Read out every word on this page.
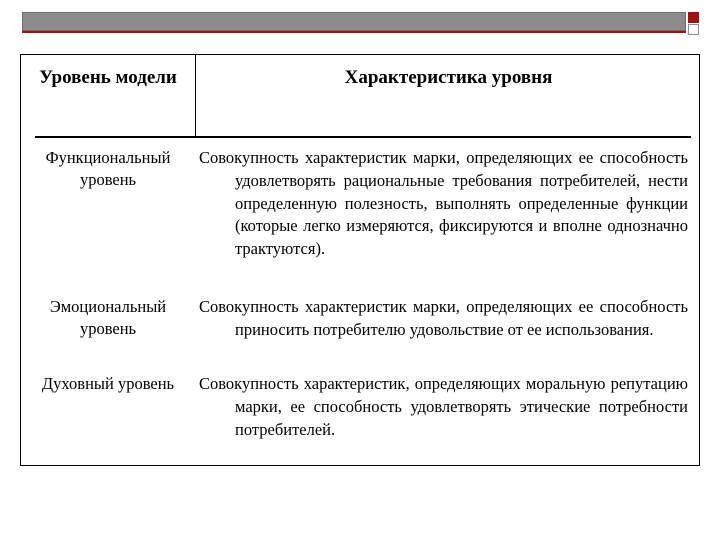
Уровень модели	Характеристика уровня
Функциональный уровень
Совокупность характеристик марки, определяющих ее способность удовлетворять рациональные требования потребителей, нести определенную полезность, выполнять определенные функции (которые легко измеряются, фиксируются и вполне однозначно трактуются).
Эмоциональный уровень
Совокупность характеристик марки, определяющих ее способность приносить потребителю удовольствие от ее использования.
Духовный уровень	Совокупность характеристик, определяющих моральную репутацию марки, ее способность удовлетворять этические потребности потребителей.
